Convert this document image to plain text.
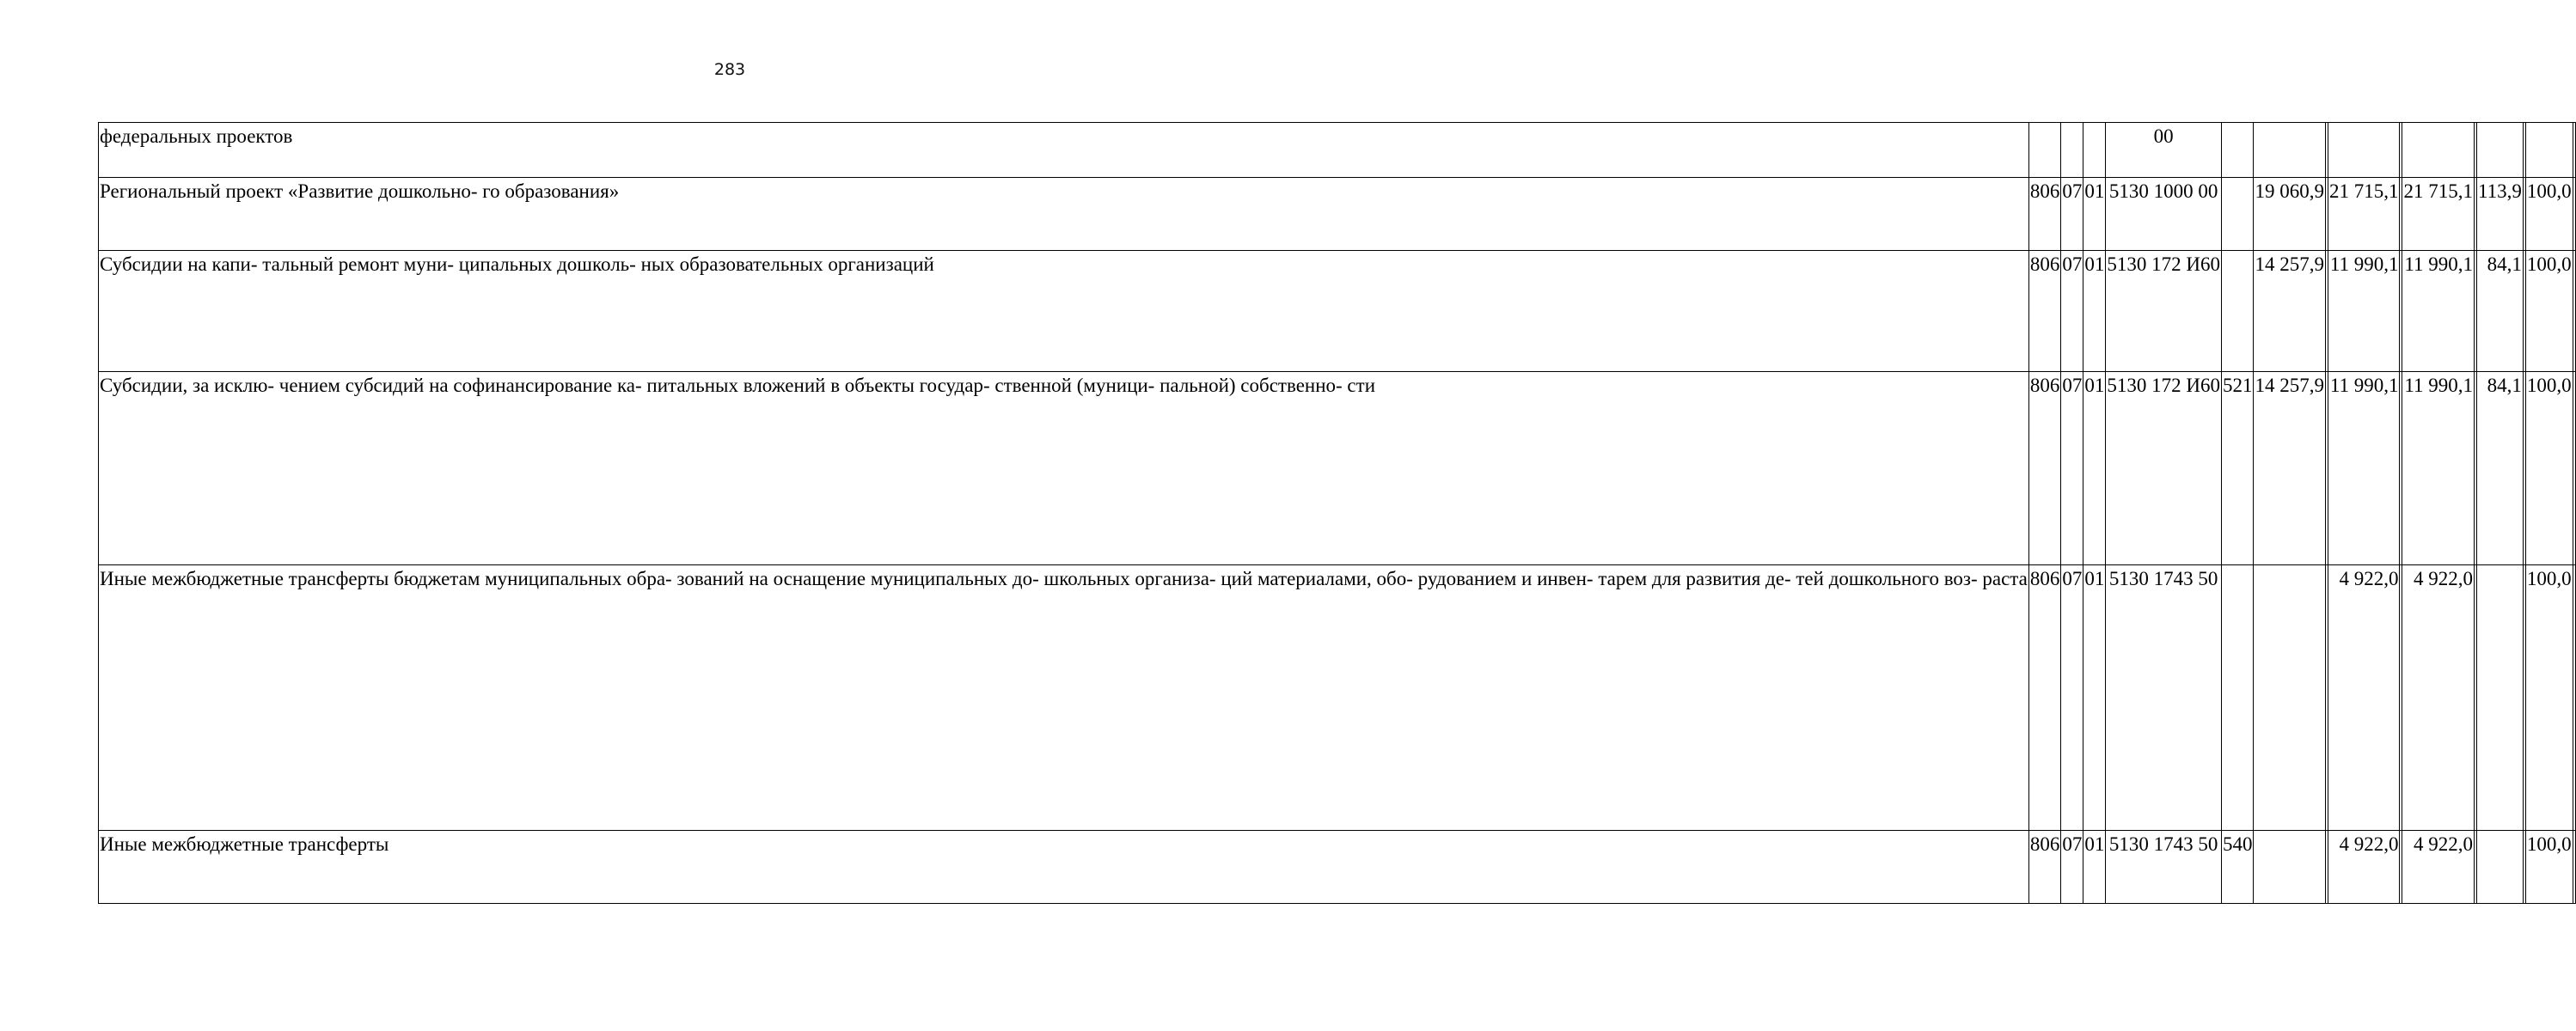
283
федеральных проектов				00											
Региональный проект «Развитие дошкольно- го образования»	806	07	01	5130 1000 00		19 060,9		21 715,1		21 715,1		113,9		100,0	
Субсидии на капи- тальный ремонт муни- ципальных дошколь- ных образовательных организаций	806	07	01	5130 172 И60		14 257,9		11 990,1		11 990,1		84,1		100,0	
Субсидии, за исклю- чением субсидий на софинансирование ка- питальных вложений в объекты государ- ственной (муници- пальной) собственно- сти	806	07	01	5130 172 И60	521	14 257,9		11 990,1		11 990,1		84,1		100,0	
Иные межбюджетные трансферты бюджетам муниципальных обра- зований на оснащение муниципальных до- школьных организа- ций материалами, обо- рудованием и инвен- тарем для развития де- тей дошкольного воз- раста	806	07	01	5130 1743 50				4 922,0		4 922,0				100,0	
Иные межбюджетные трансферты	806	07	01	5130 1743 50	540			4 922,0		4 922,0				100,0	
